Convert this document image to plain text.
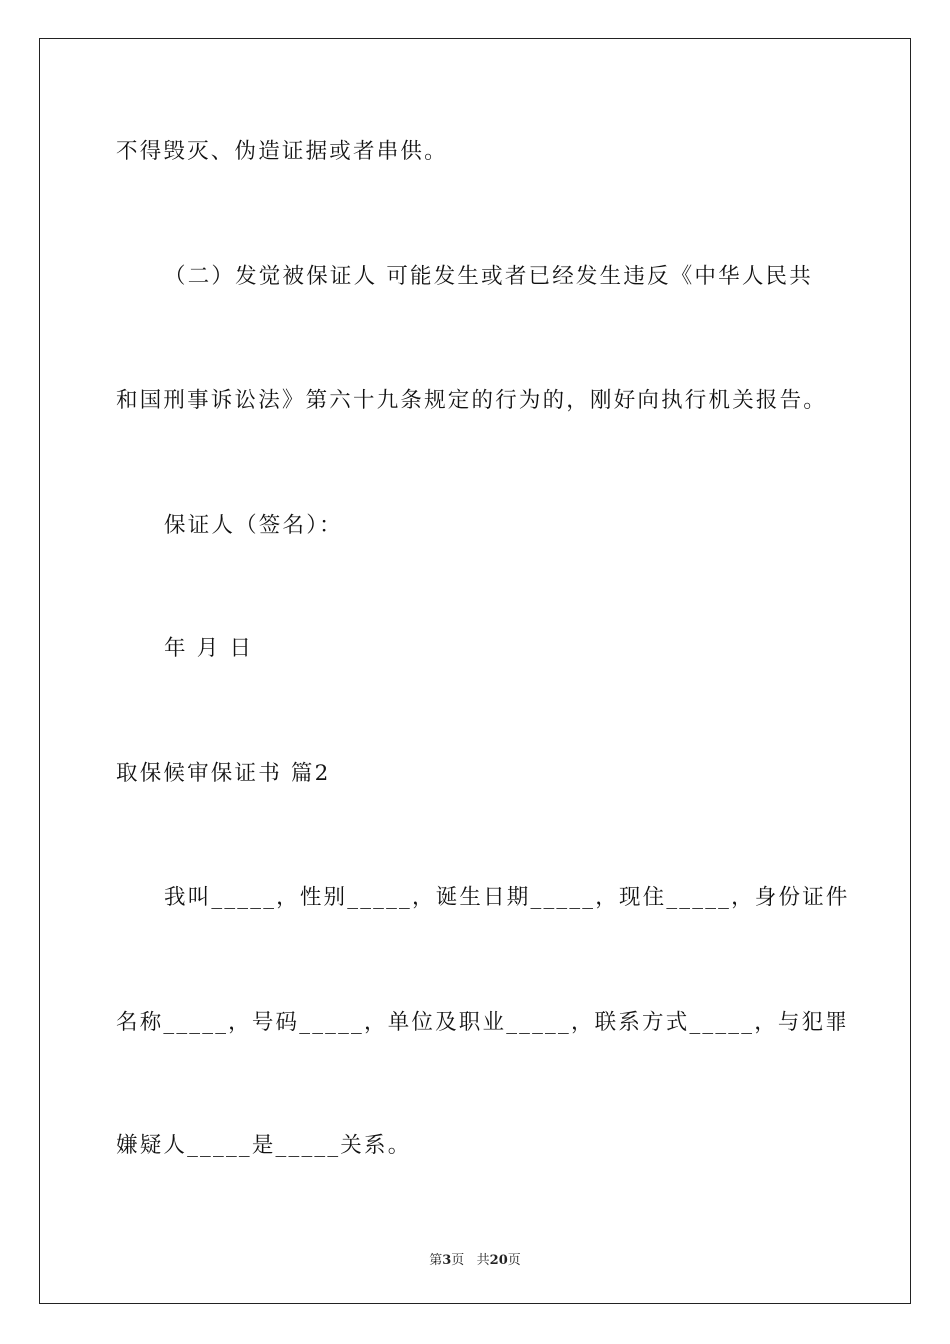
不得毁灭、伪造证据或者串供。
（二）发觉被保证人 可能发生或者已经发生违反《中华人民共
和国刑事诉讼法》第六十九条规定的行为的，刚好向执行机关报告。
保证人（签名）：
年 月 日
取保候审保证书 篇2
我叫_____，性别_____，诞生日期_____，现住_____，身份证件
名称_____，号码_____，单位及职业_____，联系方式_____，与犯罪
嫌疑人_____是_____关系。
第3页   共20页
